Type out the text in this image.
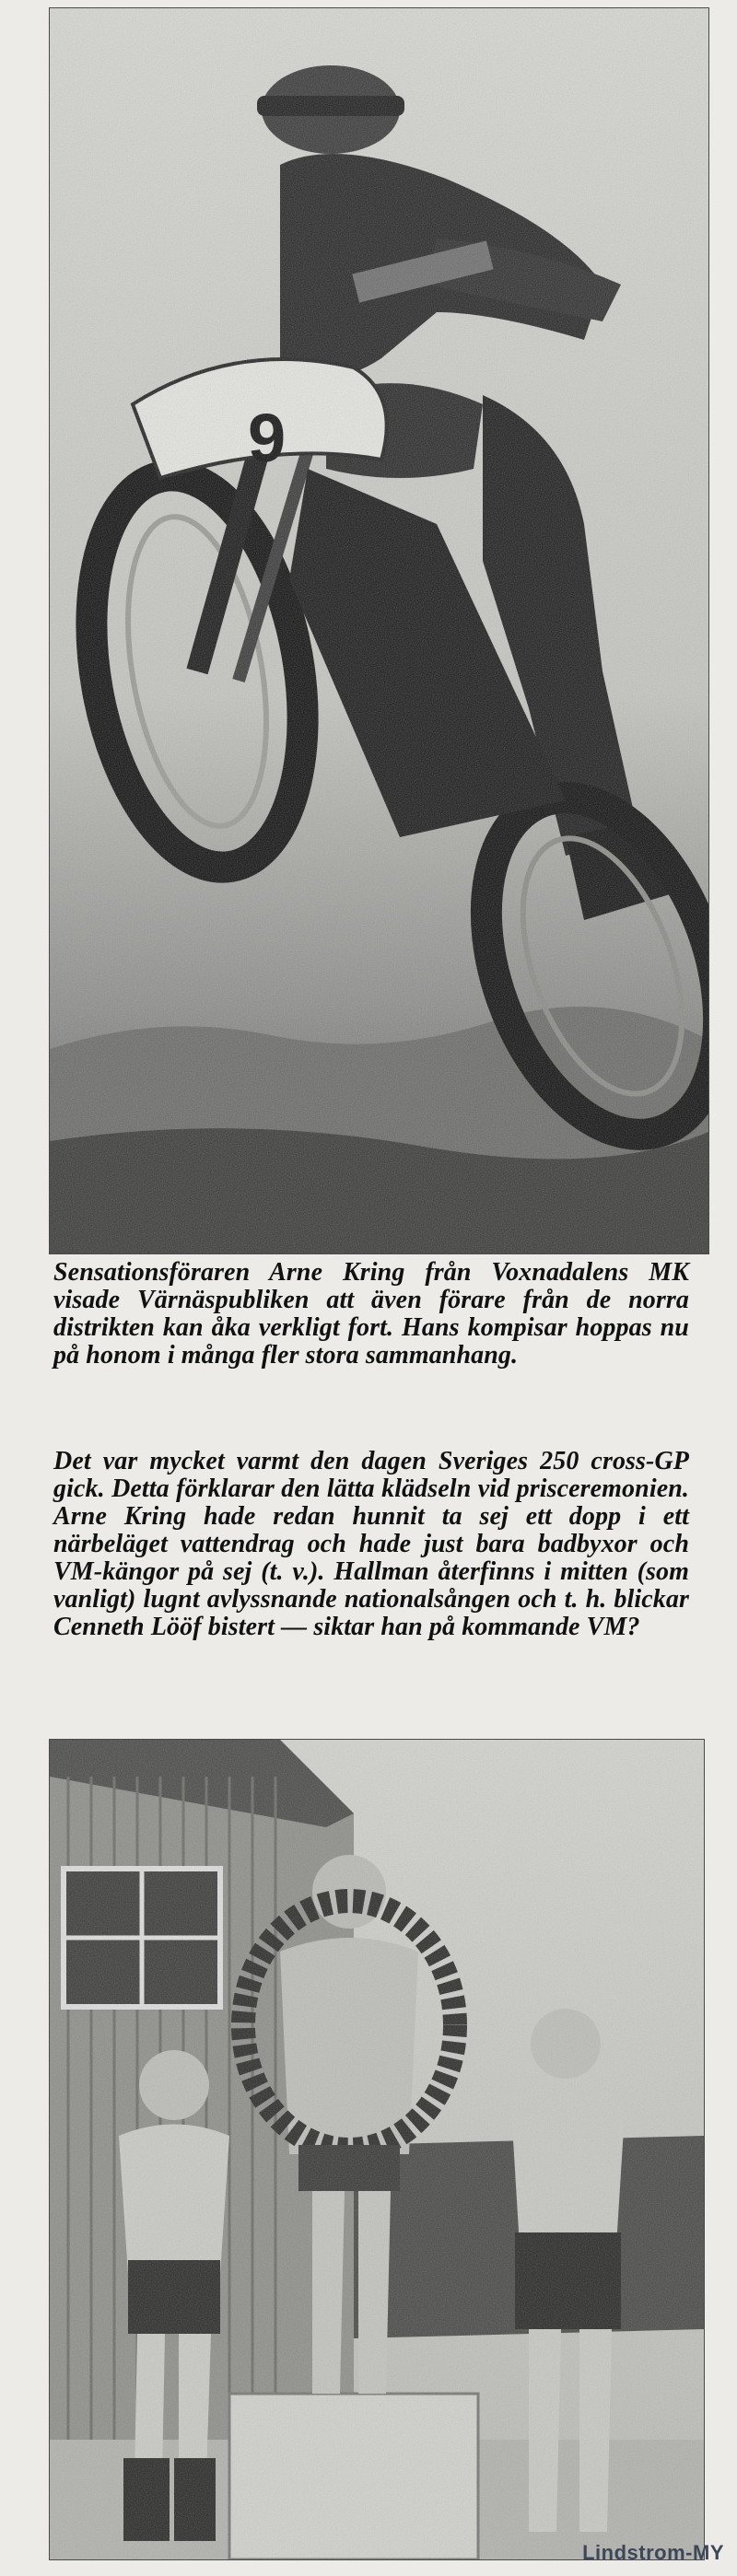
Sensationsföraren Arne Kring från Voxnadalens MK visade Värnäspubliken att även förare från de norra distrikten kan åka verkligt fort. Hans kompisar hoppas nu på honom i många fler stora sammanhang.

Det var mycket varmt den dagen Sveriges 250 cross-GP gick. Detta förklarar den lätta klädseln vid prisceremonien. Arne Kring hade redan hunnit ta sej ett dopp i ett närbeläget vattendrag och hade just bara badbyxor och VM-kängor på sej (t. v.). Hallman återfinns i mitten (som vanligt) lugnt avlyssnande nationalsången och t. h. blickar Cenneth Lööf bistert — siktar han på kommande VM?

Lindstrom-MY
